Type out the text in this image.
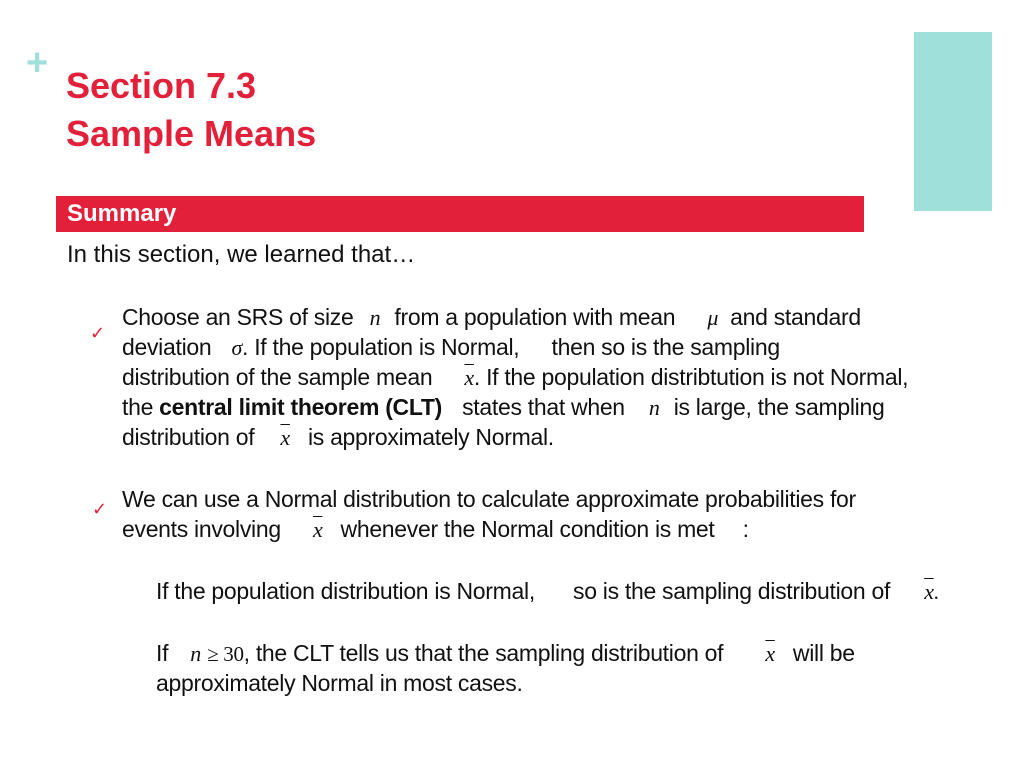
+
Section 7.3
Sample Means
Summary
In this section, we learned that…
✓
Choose an SRS of size n from a population with mean μ and standard
deviation σ. If the population is Normal, then so is the sampling
distribution of the sample mean $\overline{x}$. If the population distribtution is not Normal,
the central limit theorem (CLT) states that when n is large, the sampling
distribution of $\overline{x}$ is approximately Normal.
✓ We can use a Normal distribution to calculate approximate probabilities for
events involving $\overline{x}$ whenever the Normal condition is met :
If the population distribution is Normal, so is the sampling distribution of $\overline{x}$.
If n ≥ 30, the CLT tells us that the sampling distribution of $\overline{x}$ will be
approximately Normal in most cases.
